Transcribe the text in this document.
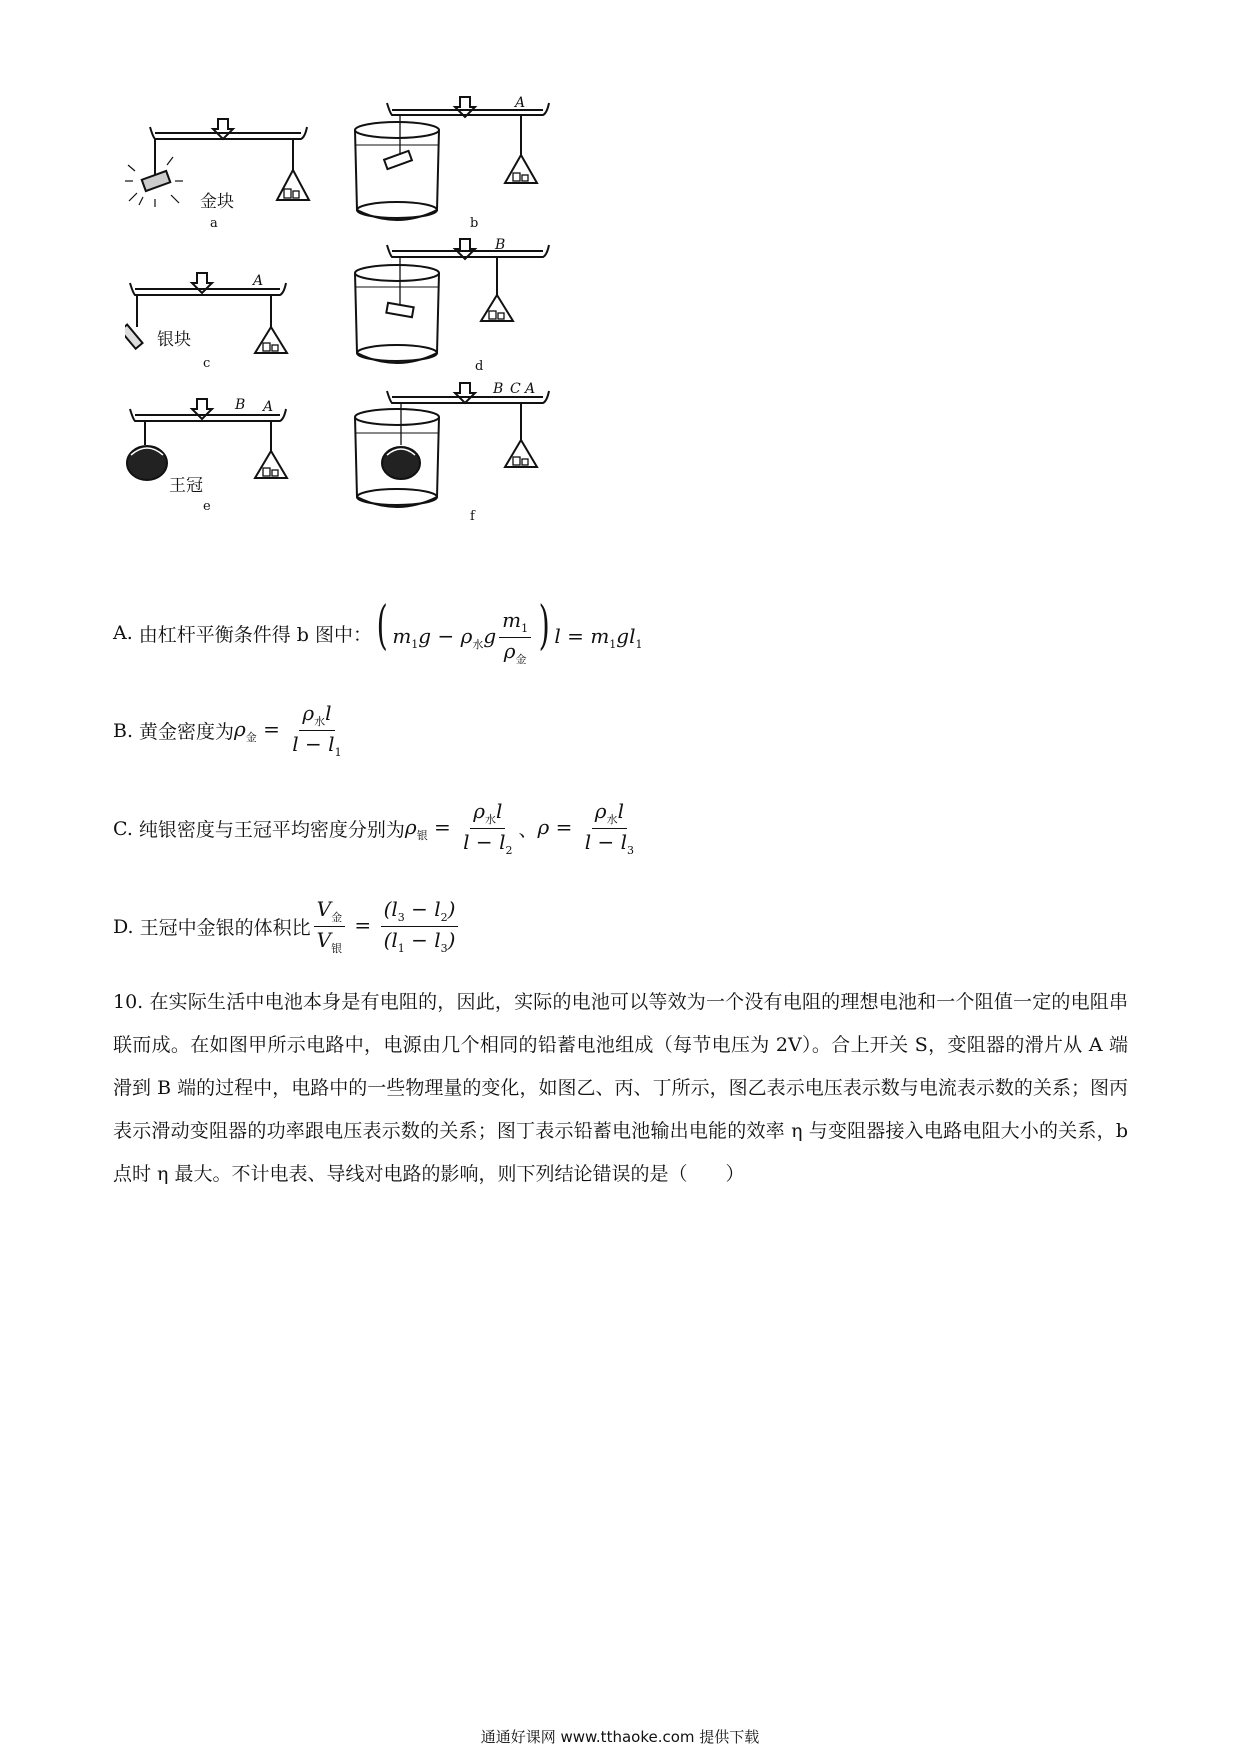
金块
a
A
b
A
银块
c
B
d
B A
王冠
e
B C A
f
A. 由杠杆平衡条件得 b 图中： ( $m_1g - \rho_水g \frac{m_1}{\rho_金}$ ) $l = m_1gl_1$
B. 黄金密度为 $\rho_金 = \frac{\rho_水l}{l - l_1}$
C. 纯银密度与王冠平均密度分别为 $\rho_银 = \frac{\rho_水l}{l - l_2}$ 、 $\rho = \frac{\rho_水l}{l - l_3}$
D. 王冠中金银的体积比 $\frac{V_金}{V_银} = \frac{(l_3 - l_2)}{(l_1 - l_3)}$

10. 在实际生活中电池本身是有电阻的，因此，实际的电池可以等效为一个没有电阻的理想电池和一个阻值一定的电阻串联而成。在如图甲所示电路中，电源由几个相同的铅蓄电池组成（每节电压为 2V）。合上开关 S，变阻器的滑片从 A 端滑到 B 端的过程中，电路中的一些物理量的变化，如图乙、丙、丁所示，图乙表示电压表示数与电流表示数的关系；图丙表示滑动变阻器的功率跟电压表示数的关系；图丁表示铅蓄电池输出电能的效率 η 与变阻器接入电路电阻大小的关系，b 点时 η 最大。不计电表、导线对电路的影响，则下列结论错误的是（　　）

通通好课网 www.tthaoke.com 提供下载
